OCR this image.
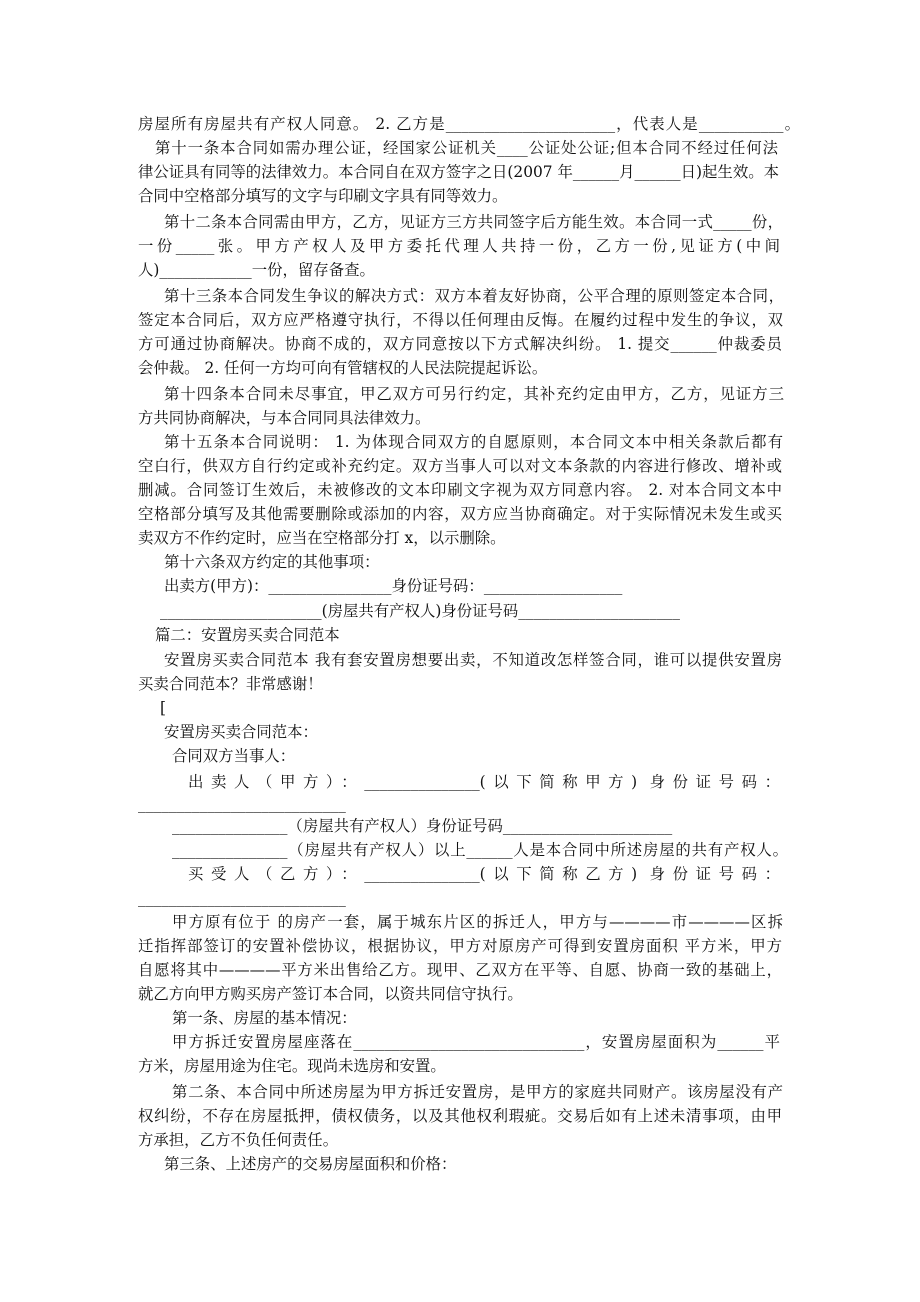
房屋所有房屋共有产权人同意。 2. 乙方是______________________，代表人是___________。
第十一条本合同如需办理公证，经国家公证机关____公证处公证;但本合同不经过任何法
律公证具有同等的法律效力。本合同自在双方签字之日(2007 年______月______日)起生效。本
合同中空格部分填写的文字与印刷文字具有同等效力。
第十二条本合同需由甲方，乙方，见证方三方共同签字后方能生效。本合同一式_____份，
一份_____张。甲方产权人及甲方委托代理人共持一份，乙方一份,见证方(中间
人)____________一份，留存备查。
第十三条本合同发生争议的解决方式：双方本着友好协商，公平合理的原则签定本合同，
签定本合同后，双方应严格遵守执行，不得以任何理由反悔。在履约过程中发生的争议，双
方可通过协商解决。协商不成的，双方同意按以下方式解决纠纷。 1. 提交______仲裁委员
会仲裁。 2. 任何一方均可向有管辖权的人民法院提起诉讼。
第十四条本合同未尽事宜，甲乙双方可另行约定，其补充约定由甲方，乙方，见证方三
方共同协商解决，与本合同同具法律效力。
第十五条本合同说明： 1. 为体现合同双方的自愿原则，本合同文本中相关条款后都有
空白行，供双方自行约定或补充约定。双方当事人可以对文本条款的内容进行修改、增补或
删减。合同签订生效后，未被修改的文本印刷文字视为双方同意内容。 2. 对本合同文本中
空格部分填写及其他需要删除或添加的内容，双方应当协商确定。对于实际情况未发生或买
卖双方不作约定时，应当在空格部分打 x，以示删除。
第十六条双方约定的其他事项：
出卖方(甲方)：________________身份证号码：__________________
_____________________(房屋共有产权人)身份证号码_____________________
篇二：安置房买卖合同范本
安置房买卖合同范本 我有套安置房想要出卖，不知道改怎样签合同，谁可以提供安置房
买卖合同范本？非常感谢！
[
安置房买卖合同范本：
合同双方当事人：
出卖人（甲方）：_______________(以下简称甲方) 身份证号码：
___________________________
_______________（房屋共有产权人）身份证号码______________________
_______________（房屋共有产权人）以上______人是本合同中所述房屋的共有产权人。
买受人（乙方）：_______________(以下简称乙方) 身份证号码：
___________________________
甲方原有位于 的房产一套，属于城东片区的拆迁人，甲方与————市————区拆
迁指挥部签订的安置补偿协议，根据协议，甲方对原房产可得到安置房面积 平方米，甲方
自愿将其中————平方米出售给乙方。现甲、乙双方在平等、自愿、协商一致的基础上，
就乙方向甲方购买房产签订本合同，以资共同信守执行。
第一条、房屋的基本情况：
甲方拆迁安置房屋座落在______________________________，安置房屋面积为______平
方米，房屋用途为住宅。现尚未选房和安置。
第二条、本合同中所述房屋为甲方拆迁安置房，是甲方的家庭共同财产。该房屋没有产
权纠纷，不存在房屋抵押，债权债务，以及其他权利瑕疵。交易后如有上述未清事项，由甲
方承担，乙方不负任何责任。
第三条、上述房产的交易房屋面积和价格：
